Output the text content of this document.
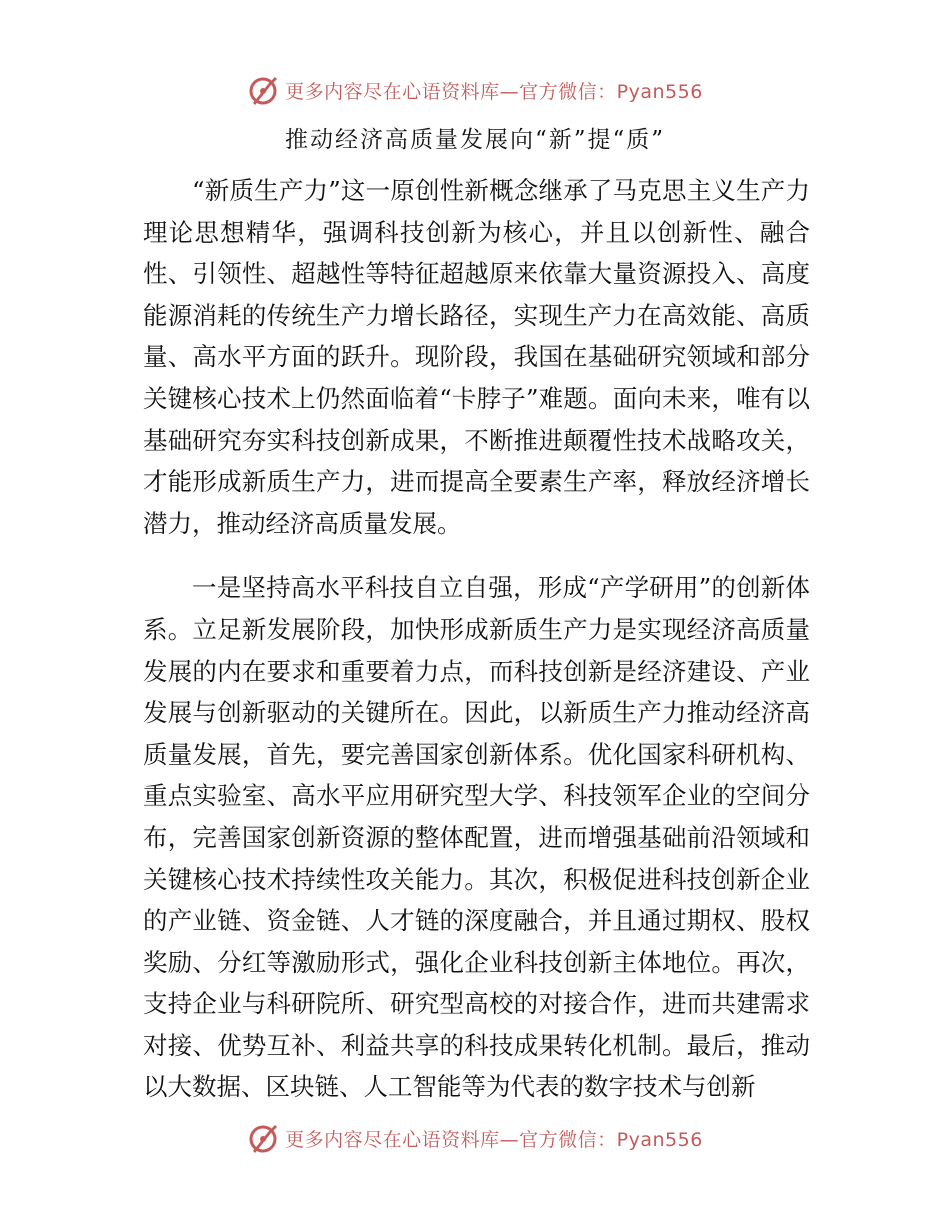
更多内容尽在心语资料库—官方微信：Pyan556
推动经济高质量发展向“新”提“质”

“新质生产力”这一原创性新概念继承了马克思主义生产力理论思想精华，强调科技创新为核心，并且以创新性、融合性、引领性、超越性等特征超越原来依靠大量资源投入、高度能源消耗的传统生产力增长路径，实现生产力在高效能、高质量、高水平方面的跃升。现阶段，我国在基础研究领域和部分关键核心技术上仍然面临着“卡脖子”难题。面向未来，唯有以基础研究夯实科技创新成果，不断推进颠覆性技术战略攻关，才能形成新质生产力，进而提高全要素生产率，释放经济增长潜力，推动经济高质量发展。

一是坚持高水平科技自立自强，形成“产学研用”的创新体系。立足新发展阶段，加快形成新质生产力是实现经济高质量发展的内在要求和重要着力点，而科技创新是经济建设、产业发展与创新驱动的关键所在。因此，以新质生产力推动经济高质量发展，首先，要完善国家创新体系。优化国家科研机构、重点实验室、高水平应用研究型大学、科技领军企业的空间分布，完善国家创新资源的整体配置，进而增强基础前沿领域和关键核心技术持续性攻关能力。其次，积极促进科技创新企业的产业链、资金链、人才链的深度融合，并且通过期权、股权奖励、分红等激励形式，强化企业科技创新主体地位。再次，支持企业与科研院所、研究型高校的对接合作，进而共建需求对接、优势互补、利益共享的科技成果转化机制。最后，推动以大数据、区块链、人工智能等为代表的数字技术与创新

更多内容尽在心语资料库—官方微信：Pyan556
